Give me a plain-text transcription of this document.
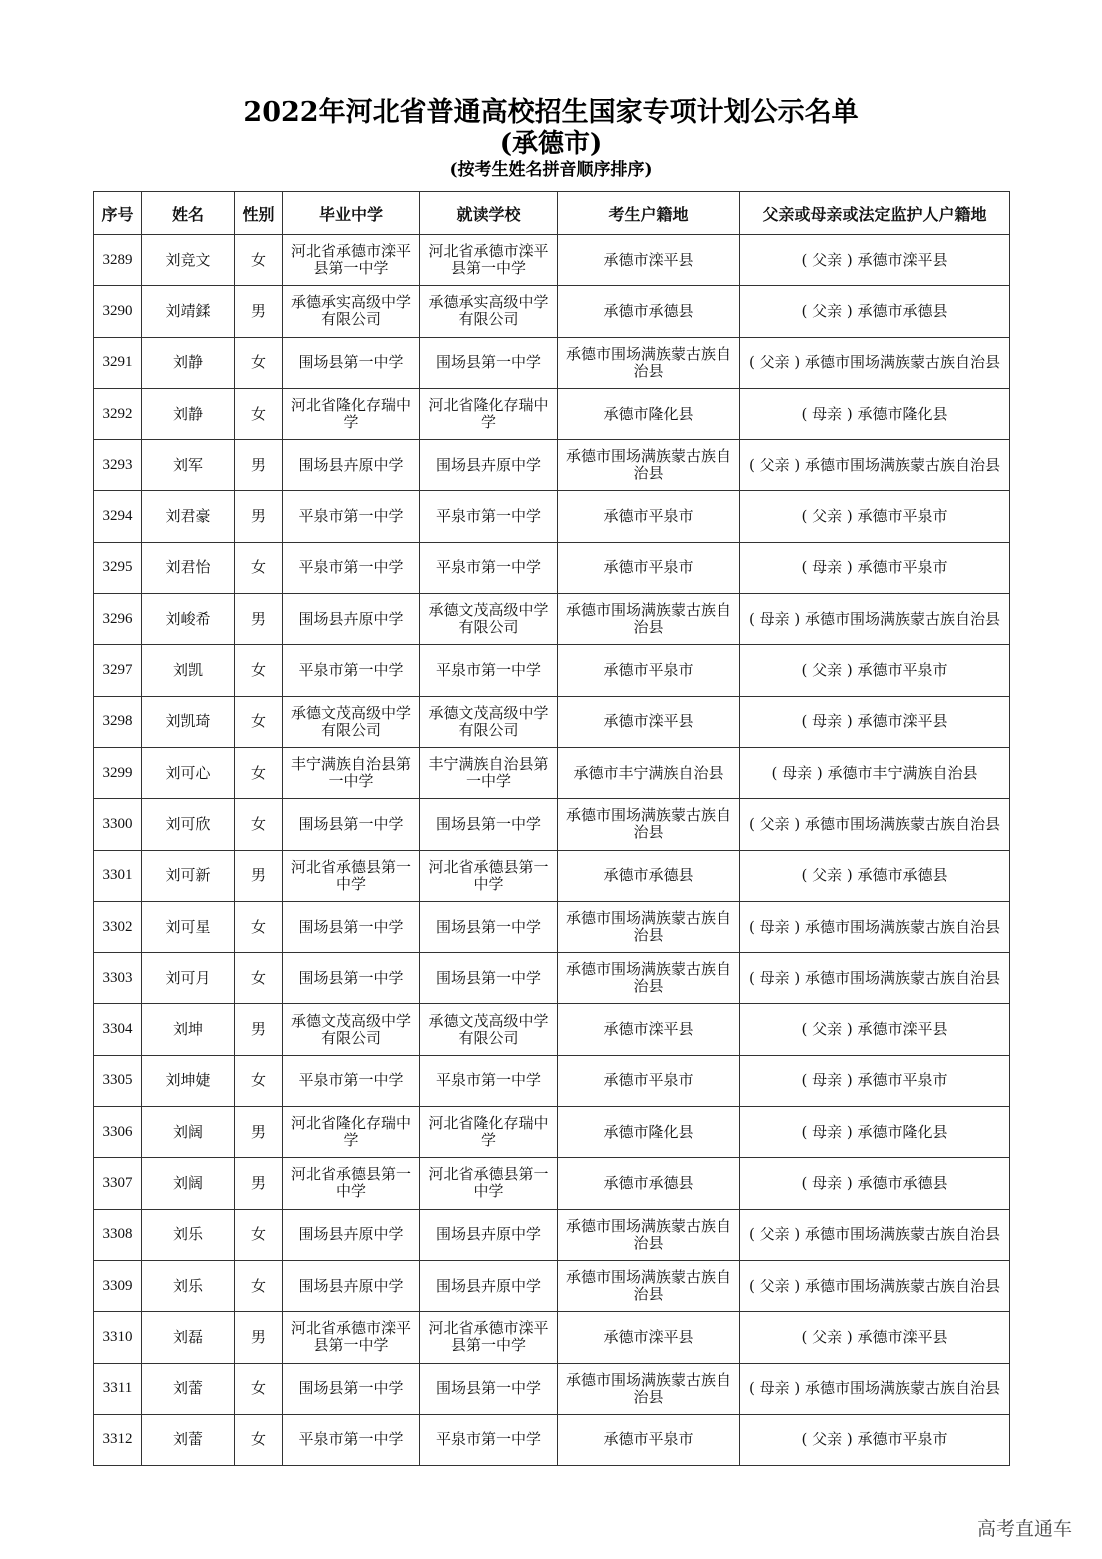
2022年河北省普通高校招生国家专项计划公示名单
(承德市)
(按考生姓名拼音顺序排序)
序号	姓名	性别	毕业中学	就读学校	考生户籍地	父亲或母亲或法定监护人户籍地
3289	刘竞文	女	河北省承德市滦平县第一中学	河北省承德市滦平县第一中学	承德市滦平县	( 父亲 ) 承德市滦平县
3290	刘靖鍒	男	承德承实高级中学有限公司	承德承实高级中学有限公司	承德市承德县	( 父亲 ) 承德市承德县
3291	刘静	女	围场县第一中学	围场县第一中学	承德市围场满族蒙古族自治县	( 父亲 ) 承德市围场满族蒙古族自治县
3292	刘静	女	河北省隆化存瑞中学	河北省隆化存瑞中学	承德市隆化县	( 母亲 ) 承德市隆化县
3293	刘军	男	围场县卉原中学	围场县卉原中学	承德市围场满族蒙古族自治县	( 父亲 ) 承德市围场满族蒙古族自治县
3294	刘君豪	男	平泉市第一中学	平泉市第一中学	承德市平泉市	( 父亲 ) 承德市平泉市
3295	刘君怡	女	平泉市第一中学	平泉市第一中学	承德市平泉市	( 母亲 ) 承德市平泉市
3296	刘峻希	男	围场县卉原中学	承德文茂高级中学有限公司	承德市围场满族蒙古族自治县	( 母亲 ) 承德市围场满族蒙古族自治县
3297	刘凯	女	平泉市第一中学	平泉市第一中学	承德市平泉市	( 父亲 ) 承德市平泉市
3298	刘凯琦	女	承德文茂高级中学有限公司	承德文茂高级中学有限公司	承德市滦平县	( 母亲 ) 承德市滦平县
3299	刘可心	女	丰宁满族自治县第一中学	丰宁满族自治县第一中学	承德市丰宁满族自治县	( 母亲 ) 承德市丰宁满族自治县
3300	刘可欣	女	围场县第一中学	围场县第一中学	承德市围场满族蒙古族自治县	( 父亲 ) 承德市围场满族蒙古族自治县
3301	刘可新	男	河北省承德县第一中学	河北省承德县第一中学	承德市承德县	( 父亲 ) 承德市承德县
3302	刘可星	女	围场县第一中学	围场县第一中学	承德市围场满族蒙古族自治县	( 母亲 ) 承德市围场满族蒙古族自治县
3303	刘可月	女	围场县第一中学	围场县第一中学	承德市围场满族蒙古族自治县	( 母亲 ) 承德市围场满族蒙古族自治县
3304	刘坤	男	承德文茂高级中学有限公司	承德文茂高级中学有限公司	承德市滦平县	( 父亲 ) 承德市滦平县
3305	刘坤婕	女	平泉市第一中学	平泉市第一中学	承德市平泉市	( 母亲 ) 承德市平泉市
3306	刘阔	男	河北省隆化存瑞中学	河北省隆化存瑞中学	承德市隆化县	( 母亲 ) 承德市隆化县
3307	刘阔	男	河北省承德县第一中学	河北省承德县第一中学	承德市承德县	( 母亲 ) 承德市承德县
3308	刘乐	女	围场县卉原中学	围场县卉原中学	承德市围场满族蒙古族自治县	( 父亲 ) 承德市围场满族蒙古族自治县
3309	刘乐	女	围场县卉原中学	围场县卉原中学	承德市围场满族蒙古族自治县	( 父亲 ) 承德市围场满族蒙古族自治县
3310	刘磊	男	河北省承德市滦平县第一中学	河北省承德市滦平县第一中学	承德市滦平县	( 父亲 ) 承德市滦平县
3311	刘蕾	女	围场县第一中学	围场县第一中学	承德市围场满族蒙古族自治县	( 母亲 ) 承德市围场满族蒙古族自治县
3312	刘蕾	女	平泉市第一中学	平泉市第一中学	承德市平泉市	( 父亲 ) 承德市平泉市
高考直通车
